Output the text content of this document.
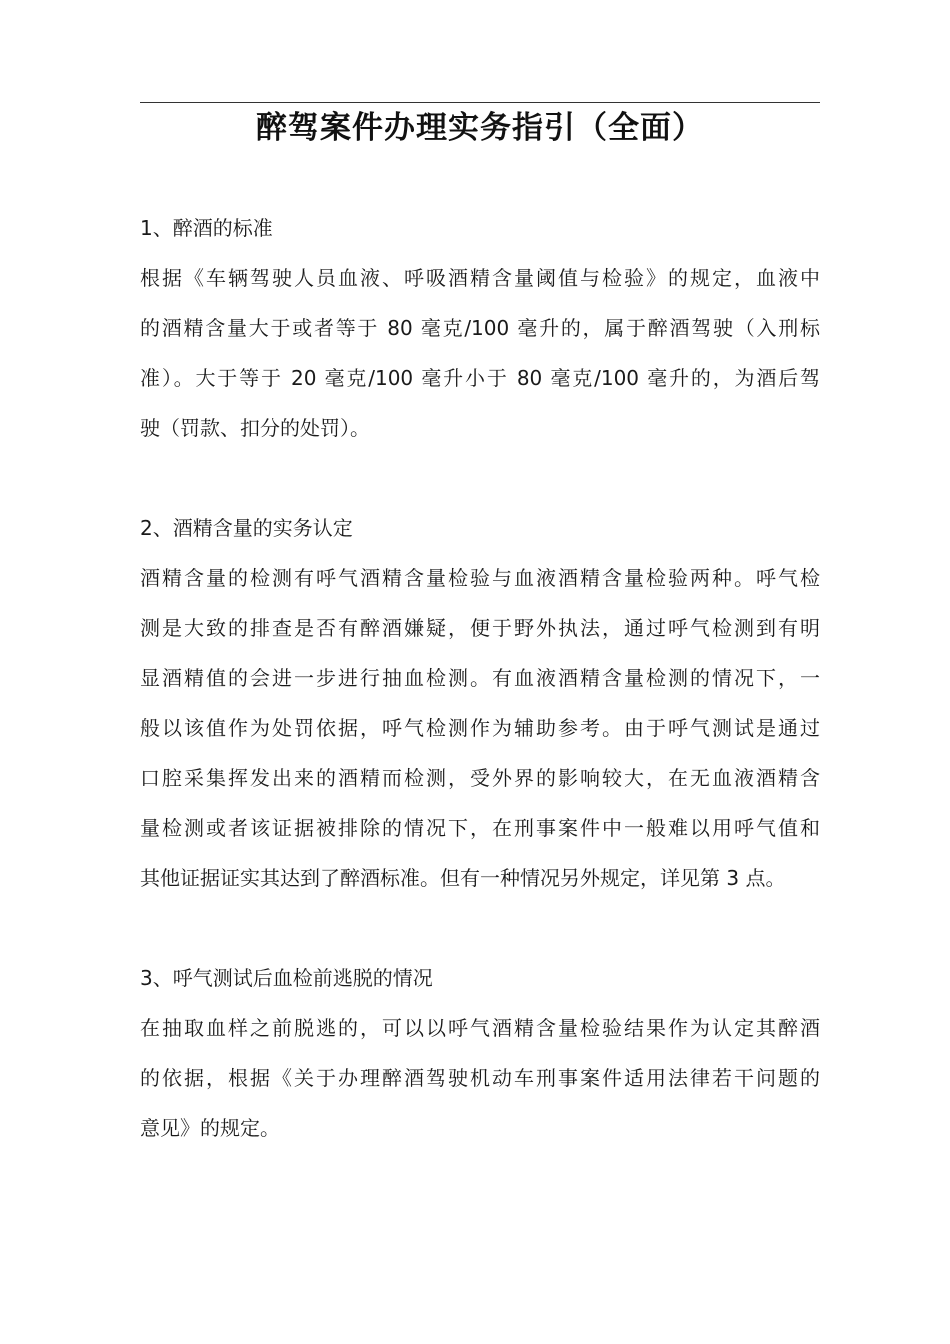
醉驾案件办理实务指引（全面）
1、醉酒的标准
根据《车辆驾驶人员血液、呼吸酒精含量阈值与检验》的规定，血液中
的酒精含量大于或者等于 80 毫克/100 毫升的，属于醉酒驾驶（入刑标
准）。大于等于 20 毫克/100 毫升小于 80 毫克/100 毫升的，为酒后驾
驶（罚款、扣分的处罚）。
2、酒精含量的实务认定
酒精含量的检测有呼气酒精含量检验与血液酒精含量检验两种。呼气检
测是大致的排查是否有醉酒嫌疑，便于野外执法，通过呼气检测到有明
显酒精值的会进一步进行抽血检测。有血液酒精含量检测的情况下，一
般以该值作为处罚依据，呼气检测作为辅助参考。由于呼气测试是通过
口腔采集挥发出来的酒精而检测，受外界的影响较大，在无血液酒精含
量检测或者该证据被排除的情况下，在刑事案件中一般难以用呼气值和
其他证据证实其达到了醉酒标准。但有一种情况另外规定，详见第 3 点。
3、呼气测试后血检前逃脱的情况
在抽取血样之前脱逃的，可以以呼气酒精含量检验结果作为认定其醉酒
的依据，根据《关于办理醉酒驾驶机动车刑事案件适用法律若干问题的
意见》的规定。
